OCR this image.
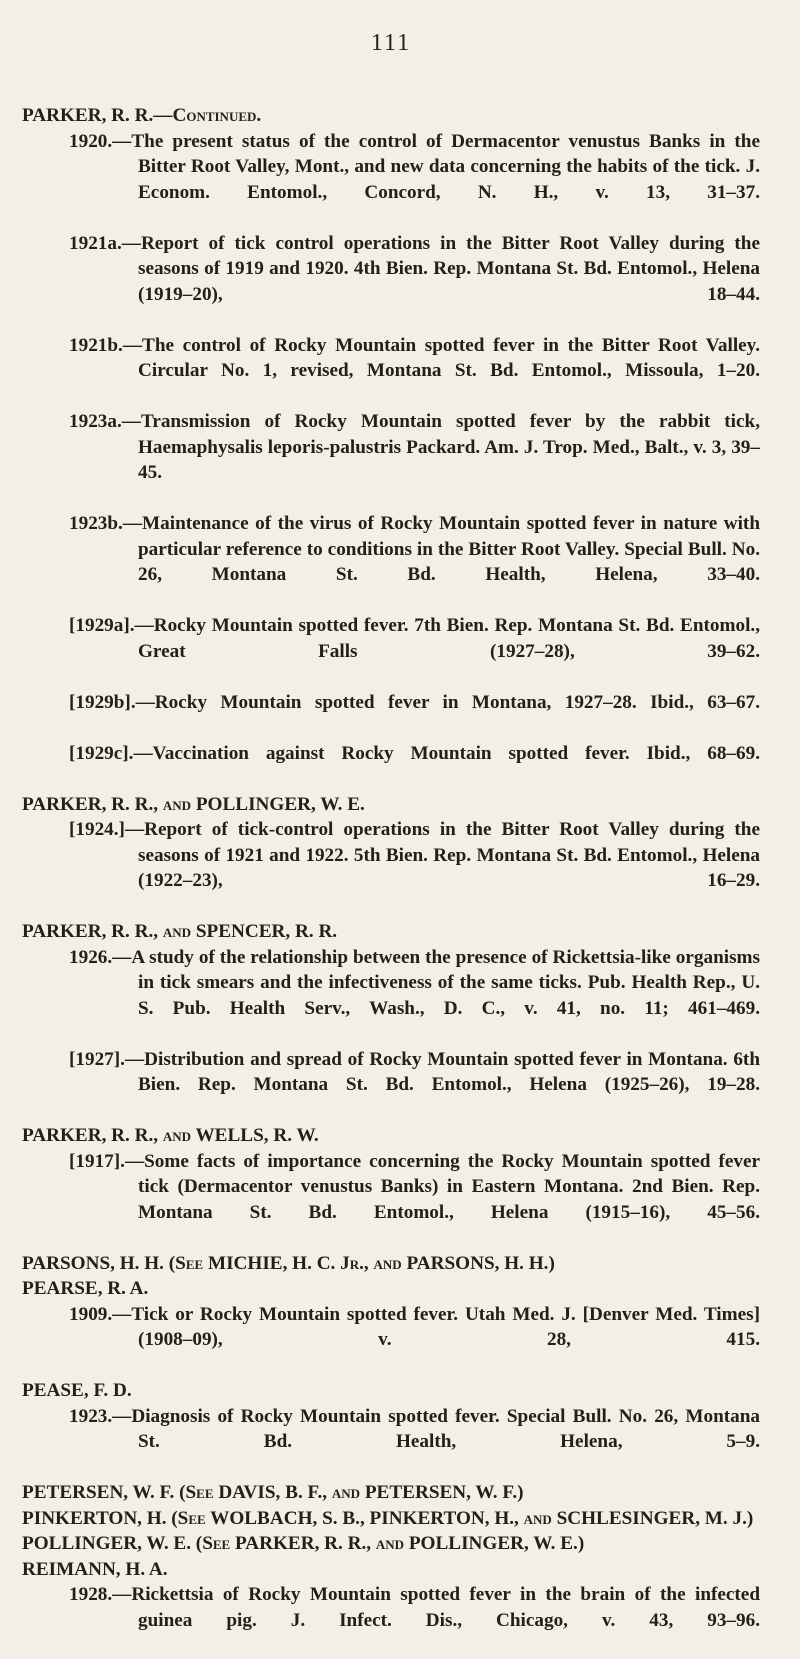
111
PARKER, R. R.—Continued.
1920.—The present status of the control of Dermacentor venustus Banks in the Bitter Root Valley, Mont., and new data concerning the habits of the tick. J. Econom. Entomol., Concord, N. H., v. 13, 31–37.
1921a.—Report of tick control operations in the Bitter Root Valley during the seasons of 1919 and 1920. 4th Bien. Rep. Montana St. Bd. Entomol., Helena (1919–20), 18–44.
1921b.—The control of Rocky Mountain spotted fever in the Bitter Root Valley. Circular No. 1, revised, Montana St. Bd. Entomol., Missoula, 1–20.
1923a.—Transmission of Rocky Mountain spotted fever by the rabbit tick, Haemaphysalis leporis-palustris Packard. Am. J. Trop. Med., Balt., v. 3, 39–45.
1923b.—Maintenance of the virus of Rocky Mountain spotted fever in nature with particular reference to conditions in the Bitter Root Valley. Special Bull. No. 26, Montana St. Bd. Health, Helena, 33–40.
[1929a].—Rocky Mountain spotted fever. 7th Bien. Rep. Montana St. Bd. Entomol., Great Falls (1927–28), 39–62.
[1929b].—Rocky Mountain spotted fever in Montana, 1927–28. Ibid., 63–67.
[1929c].—Vaccination against Rocky Mountain spotted fever. Ibid., 68–69.
PARKER, R. R., and POLLINGER, W. E.
[1924.]—Report of tick-control operations in the Bitter Root Valley during the seasons of 1921 and 1922. 5th Bien. Rep. Montana St. Bd. Entomol., Helena (1922–23), 16–29.
PARKER, R. R., and SPENCER, R. R.
1926.—A study of the relationship between the presence of Rickettsia-like organisms in tick smears and the infectiveness of the same ticks. Pub. Health Rep., U. S. Pub. Health Serv., Wash., D. C., v. 41, no. 11; 461–469.
[1927].—Distribution and spread of Rocky Mountain spotted fever in Montana. 6th Bien. Rep. Montana St. Bd. Entomol., Helena (1925–26), 19–28.
PARKER, R. R., and WELLS, R. W.
[1917].—Some facts of importance concerning the Rocky Mountain spotted fever tick (Dermacentor venustus Banks) in Eastern Montana. 2nd Bien. Rep. Montana St. Bd. Entomol., Helena (1915–16), 45–56.
PARSONS, H. H. (See MICHIE, H. C. Jr., and PARSONS, H. H.)
PEARSE, R. A.
1909.—Tick or Rocky Mountain spotted fever. Utah Med. J. [Denver Med. Times] (1908–09), v. 28, 415.
PEASE, F. D.
1923.—Diagnosis of Rocky Mountain spotted fever. Special Bull. No. 26, Montana St. Bd. Health, Helena, 5–9.
PETERSEN, W. F. (See DAVIS, B. F., and PETERSEN, W. F.)
PINKERTON, H. (See WOLBACH, S. B., PINKERTON, H., and SCHLESINGER, M. J.)
POLLINGER, W. E. (See PARKER, R. R., and POLLINGER, W. E.)
REIMANN, H. A.
1928.—Rickettsia of Rocky Mountain spotted fever in the brain of the infected guinea pig. J. Infect. Dis., Chicago, v. 43, 93–96.
